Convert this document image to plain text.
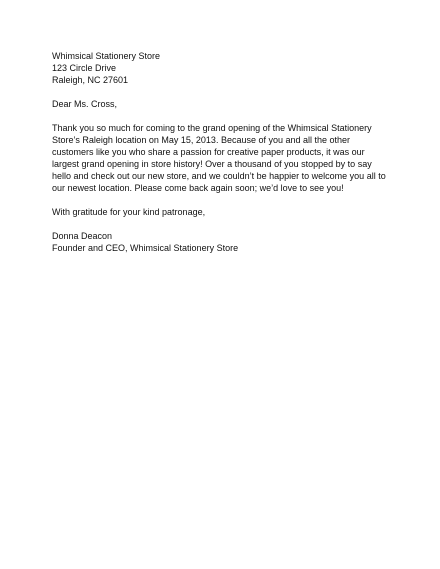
Whimsical Stationery Store
123 Circle Drive
Raleigh, NC 27601
Dear Ms. Cross,
Thank you so much for coming to the grand opening of the Whimsical Stationery Store’s Raleigh location on May 15, 2013. Because of you and all the other customers like you who share a passion for creative paper products, it was our largest grand opening in store history! Over a thousand of you stopped by to say hello and check out our new store, and we couldn’t be happier to welcome you all to our newest location. Please come back again soon; we’d love to see you!
With gratitude for your kind patronage,
Donna Deacon
Founder and CEO, Whimsical Stationery Store
